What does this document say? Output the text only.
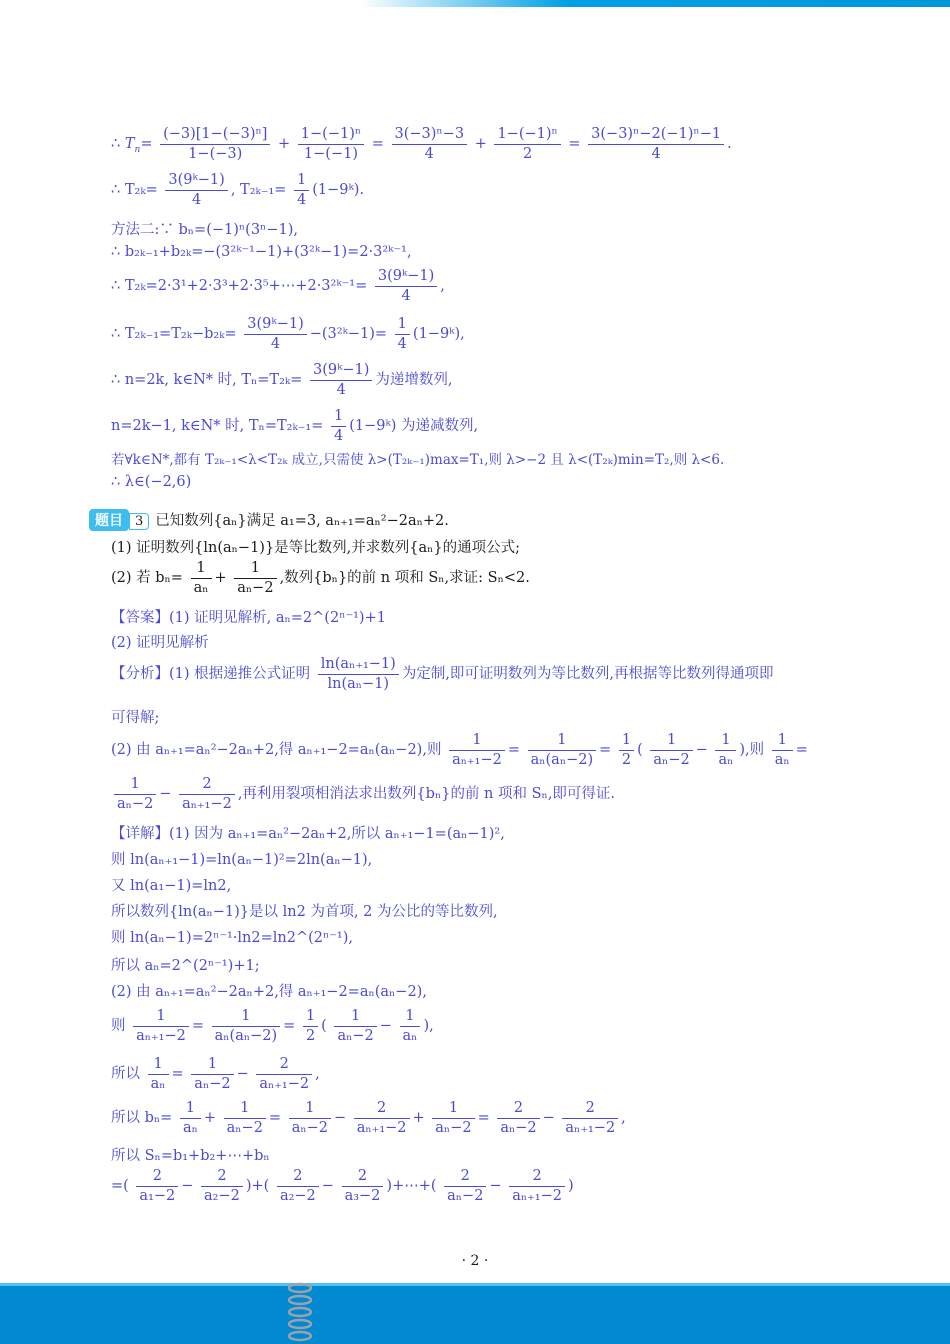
∴ $T_n= \frac{\text{(−3)[1−(−3)ⁿ]}}{1-(-3)} + \frac{\text{1−(−1)ⁿ}}{1-(-1)} = \frac{\text{3(−3)ⁿ−3}}{4} + \frac{\text{1−(−1)ⁿ}}{2} = \frac{\text{3(−3)ⁿ−2(−1)ⁿ−1}}{4}$ .
∴ $T_{2k}= \frac{\text{3(9ᵏ−1)}}{4}$ , $T_{2k-1}= \frac{1}{4}$ (1−9ᵏ).
方法二:∵ bₙ=(−1)ⁿ(3ⁿ−1),
∴ b₂ₖ₋₁+b₂ₖ=−(3²ᵏ⁻¹−1)+(3²ᵏ−1)=2·3²ᵏ⁻¹,
∴ T₂ₖ=2·3¹+2·3³+2·3⁵+⋯+2·3²ᵏ⁻¹= $\frac{\text{3(9ᵏ−1)}}{4}$ ,
∴ $T_{2k-1}=T_{2k}-b_{2k}= \frac{\text{3(9ᵏ−1)}}{4}$ −(3²ᵏ−1)= $\frac{1}{4}$ (1−9ᵏ),
∴ n=2k, k∈N* 时, $T_n=T_{2k}= \frac{\text{3(9ᵏ−1)}}{4}$ 为递增数列,
n=2k−1, k∈N* 时, $T_n=T_{2k-1}= \frac{1}{4}$ (1−9ᵏ) 为递减数列,
若∀k∈N*,都有 T₂ₖ₋₁<λ<T₂ₖ 成立,只需使 λ>(T₂ₖ₋₁)max=T₁,则 λ>−2 且 λ<(T₂ₖ)min=T₂,则 λ<6.
∴ λ∈(−2,6)
题目 3 已知数列{aₙ}满足 a₁=3, aₙ₊₁=aₙ²−2aₙ+2.
(1) 证明数列{ln(aₙ−1)}是等比数列,并求数列{aₙ}的通项公式;
(2) 若 $b_n= \frac{1}{\text{aₙ}} + \frac{1}{\text{aₙ−2}}$ ,数列{bₙ}的前 n 项和 Sₙ,求证: Sₙ<2.
【答案】(1) 证明见解析, aₙ=2^(2ⁿ⁻¹)+1
(2) 证明见解析
【分析】(1) 根据递推公式证明 $\frac{\text{ln(aₙ₊₁−1)}}{\text{ln(aₙ−1)}}$ 为定制,即可证明数列为等比数列,再根据等比数列得通项即
可得解;
(2) 由 aₙ₊₁=aₙ²−2aₙ+2,得 aₙ₊₁−2=aₙ(aₙ−2),则 $\frac{1}{\text{aₙ₊₁−2}} = \frac{1}{\text{aₙ(aₙ−2)}} = \frac{1}{2}$ ( $\frac{1}{\text{aₙ−2}} - \frac{1}{\text{aₙ}}$ ),则 $\frac{1}{\text{aₙ}}$ =
$\frac{1}{\text{aₙ−2}} - \frac{2}{\text{aₙ₊₁−2}}$ ,再利用裂项相消法求出数列{bₙ}的前 n 项和 Sₙ,即可得证.
【详解】(1) 因为 aₙ₊₁=aₙ²−2aₙ+2,所以 aₙ₊₁−1=(aₙ−1)²,
则 ln(aₙ₊₁−1)=ln(aₙ−1)²=2ln(aₙ−1),
又 ln(a₁−1)=ln2,
所以数列{ln(aₙ−1)}是以 ln2 为首项, 2 为公比的等比数列,
则 ln(aₙ−1)=2ⁿ⁻¹·ln2=ln2^(2ⁿ⁻¹),
所以 aₙ=2^(2ⁿ⁻¹)+1;
(2) 由 aₙ₊₁=aₙ²−2aₙ+2,得 aₙ₊₁−2=aₙ(aₙ−2),
则 $\frac{1}{\text{aₙ₊₁−2}} = \frac{1}{\text{aₙ(aₙ−2)}} = \frac{1}{2}$ ( $\frac{1}{\text{aₙ−2}} - \frac{1}{\text{aₙ}}$ ),
所以 $\frac{1}{\text{aₙ}} = \frac{1}{\text{aₙ−2}} - \frac{2}{\text{aₙ₊₁−2}}$ ,
所以 $b_n= \frac{1}{\text{aₙ}} + \frac{1}{\text{aₙ−2}} = \frac{1}{\text{aₙ−2}} - \frac{2}{\text{aₙ₊₁−2}} + \frac{1}{\text{aₙ−2}} = \frac{2}{\text{aₙ−2}} - \frac{2}{\text{aₙ₊₁−2}}$ ,
所以 Sₙ=b₁+b₂+⋯+bₙ
=( $\frac{2}{\text{a₁−2}} - \frac{2}{\text{a₂−2}}$ )+( $\frac{2}{\text{a₂−2}} - \frac{2}{\text{a₃−2}}$ )+⋯+( $\frac{2}{\text{aₙ−2}} - \frac{2}{\text{aₙ₊₁−2}}$ )
· 2 ·
